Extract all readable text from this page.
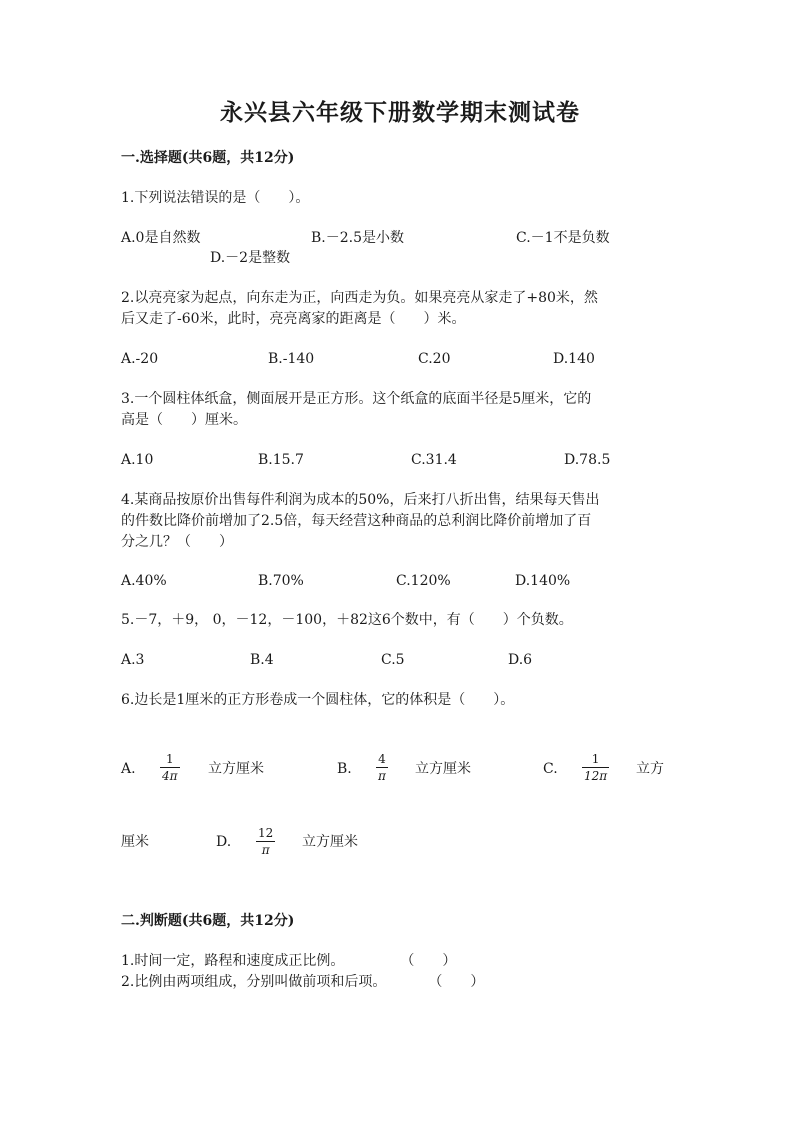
永兴县六年级下册数学期末测试卷
一.选择题(共6题，共12分)
1.下列说法错误的是（　　）。
A.0是自然数	B.－2.5是小数	C.－1不是负数
D.－2是整数
2.以亮亮家为起点，向东走为正，向西走为负。如果亮亮从家走了+80米，然
后又走了-60米，此时，亮亮离家的距离是（　　）米。
A.-20	B.-140	C.20	D.140
3.一个圆柱体纸盒，侧面展开是正方形。这个纸盒的底面半径是5厘米，它的
高是（　　）厘米。
A.10	B.15.7	C.31.4	D.78.5
4.某商品按原价出售每件利润为成本的50%，后来打八折出售，结果每天售出
的件数比降价前增加了2.5倍，每天经营这种商品的总利润比降价前增加了百
分之几？（　　）
A.40%	B.70%	C.120%	D.140%
5.－7，＋9， 0，－12，－100，＋82这6个数中，有（　　）个负数。
A.3	B.4	C.5	D.6
6.边长是1厘米的正方形卷成一个圆柱体，它的体积是（　　）。
A.
1
4π 立方厘米	B.
4
π 立方厘米	C.
1
12π 立方
厘米	D.
12
π	立方厘米
二.判断题(共6题，共12分)
1.时间一定，路程和速度成正比例。　　　　　（　　）
2.比例由两项组成，分别叫做前项和后项。　　　　（　　）
